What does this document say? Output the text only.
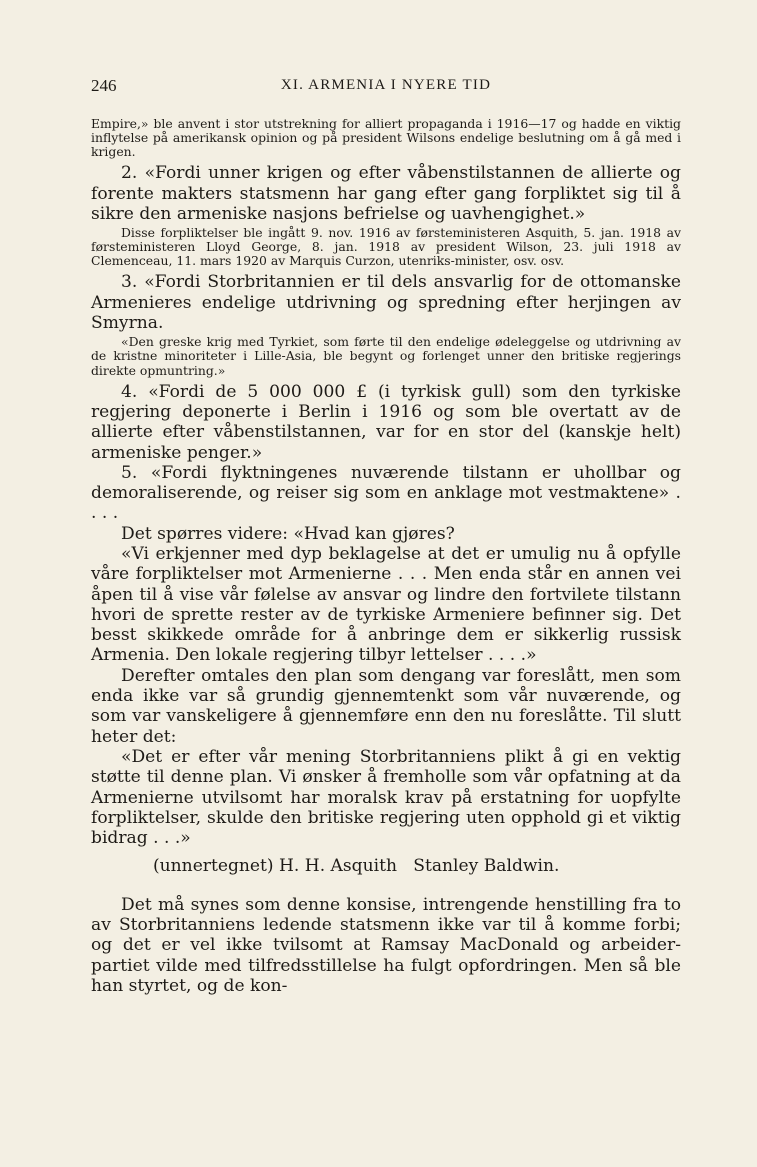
246	XI. ARMENIA I NYERE TID

Empire,» ble anvent i stor utstrekning for alliert propaganda i 1916—17 og hadde en viktig inflytelse på amerikansk opinion og på president Wilsons endelige beslutning om å gå med i krigen.

2. «Fordi unner krigen og efter våbenstilstannen de allierte og forente makters statsmenn har gang efter gang forpliktet sig til å sikre den armeniske nasjons befrielse og uavhengighet.»

Disse forpliktelser ble ingått 9. nov. 1916 av førsteministeren Asquith, 5. jan. 1918 av førsteministeren Lloyd George, 8. jan. 1918 av president Wilson, 23. juli 1918 av Clemenceau, 11. mars 1920 av Marquis Curzon, utenriks-minister, osv. osv.

3. «Fordi Storbritannien er til dels ansvarlig for de ottomanske Armenieres endelige utdrivning og spredning efter herjingen av Smyrna.

«Den greske krig med Tyrkiet, som førte til den endelige ødeleggelse og utdrivning av de kristne minoriteter i Lille-Asia, ble begynt og forlenget unner den britiske regjerings direkte opmuntring.»

4. «Fordi de 5 000 000 £ (i tyrkisk gull) som den tyrkiske regjering deponerte i Berlin i 1916 og som ble overtatt av de allierte efter våbenstilstannen, var for en stor del (kanskje helt) armeniske penger.»

5. «Fordi flyktningenes nuværende tilstann er uhollbar og demoraliserende, og reiser sig som en anklage mot vestmaktene» . . . .

Det spørres videre: «Hvad kan gjøres?

«Vi erkjenner med dyp beklagelse at det er umulig nu å opfylle våre forpliktelser mot Armenierne . . . Men enda står en annen vei åpen til å vise vår følelse av ansvar og lindre den fortvilete tilstann hvori de sprette rester av de tyrkiske Armeniere befinner sig. Det besst skikkede område for å anbringe dem er sikkerlig russisk Armenia. Den lokale regjering tilbyr lettelser . . . .»

Derefter omtales den plan som dengang var foreslått, men som enda ikke var så grundig gjennemtenkt som vår nuværende, og som var vanskeligere å gjennemføre enn den nu foreslåtte. Til slutt heter det:

«Det er efter vår mening Storbritanniens plikt å gi en vektig støtte til denne plan. Vi ønsker å fremholle som vår opfatning at da Armenierne utvilsomt har moralsk krav på erstatning for uopfylte forpliktelser, skulde den britiske regjering uten opphold gi et viktig bidrag . . .»

(unnertegnet) H. H. Asquith   Stanley Baldwin.

Det må synes som denne konsise, intrengende henstilling fra to av Storbritanniens ledende statsmenn ikke var til å komme forbi; og det er vel ikke tvilsomt at Ramsay MacDonald og arbeider-partiet vilde med tilfredsstillelse ha fulgt opfordringen. Men så ble han styrtet, og de kon-
